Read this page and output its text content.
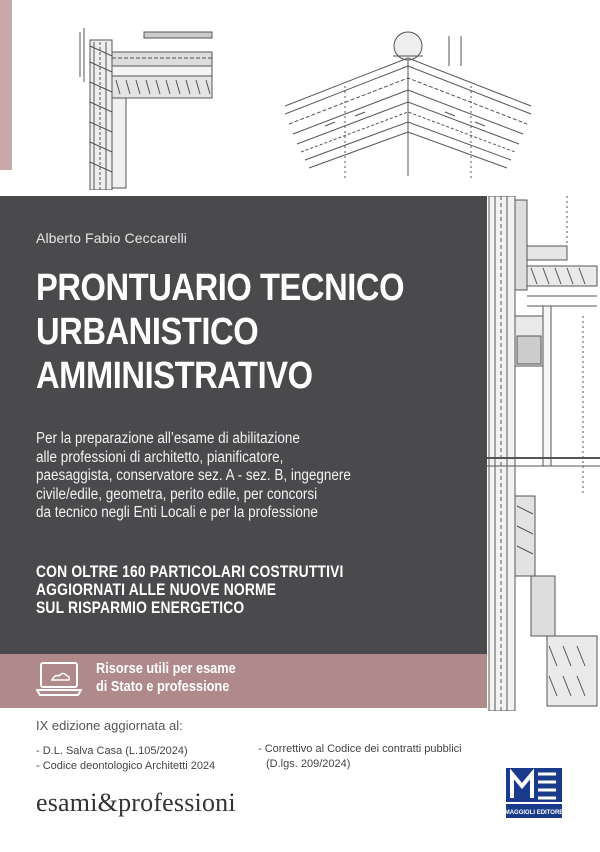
Alberto Fabio Ceccarelli
PRONTUARIO TECNICO
URBANISTICO
AMMINISTRATIVO
Per la preparazione all’esame di abilitazione
alle professioni di architetto, pianificatore,
paesaggista, conservatore sez. A - sez. B, ingegnere
civile/edile, geometra, perito edile, per concorsi
da tecnico negli Enti Locali e per la professione
CON OLTRE 160 PARTICOLARI COSTRUTTIVI
AGGIORNATI ALLE NUOVE NORME
SUL RISPARMIO ENERGETICO
Risorse utili per esame
di Stato e professione
IX edizione aggiornata al:
- D.L. Salva Casa (L.105/2024)
- Codice deontologico Architetti 2024
- Correttivo al Codice dei contratti pubblici
(D.lgs. 209/2024)
esami&professioni	MAGGIOLI EDITORE
